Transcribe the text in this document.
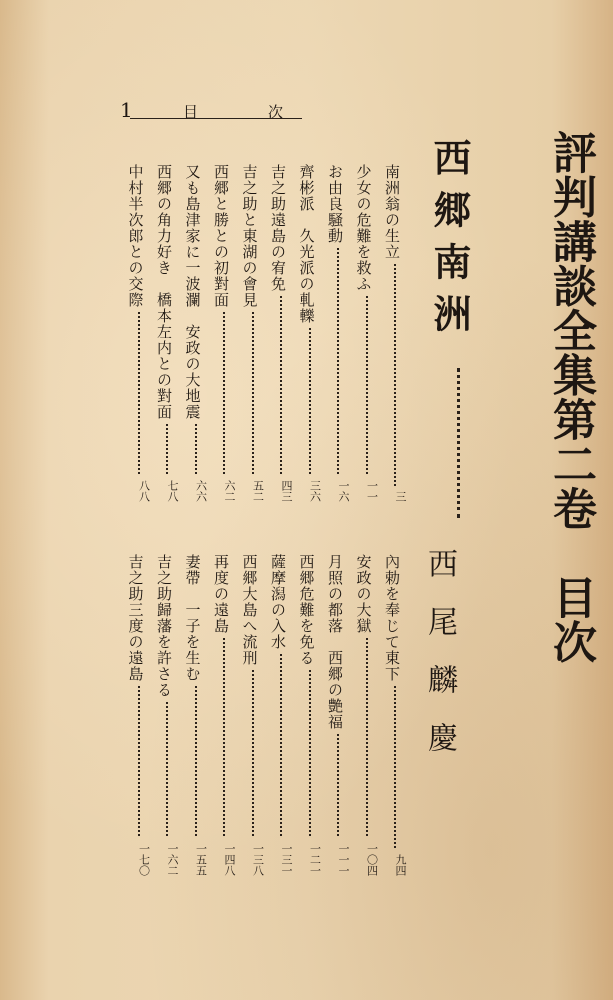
評判講談全集第二卷　目次
西郷南洲
西尾麟慶
1	目	次
南洲翁の生立
三
少女の危難を救ふ
一一
お由良騒動
一六
齊彬派　久光派の軋轢
三六
吉之助遠島の宥免
四三
吉之助と東湖の會見
五二
西郷と勝との初對面
六二
又も島津家に一波瀾　安政の大地震
六六
西郷の角力好き　橋本左内との對面
七八
中村半次郎との交際
八八
內勅を奉じて東下
九四
安政の大獄
一〇四
月照の都落　西郷の艶福
一一一
西郷危難を免る
一二一
薩摩潟の入水
一三一
西郷大島へ流刑
一三八
再度の遠島
一四八
妻帶　一子を生む
一五五
吉之助歸藩を許さる
一六二
吉之助三度の遠島
一七〇
